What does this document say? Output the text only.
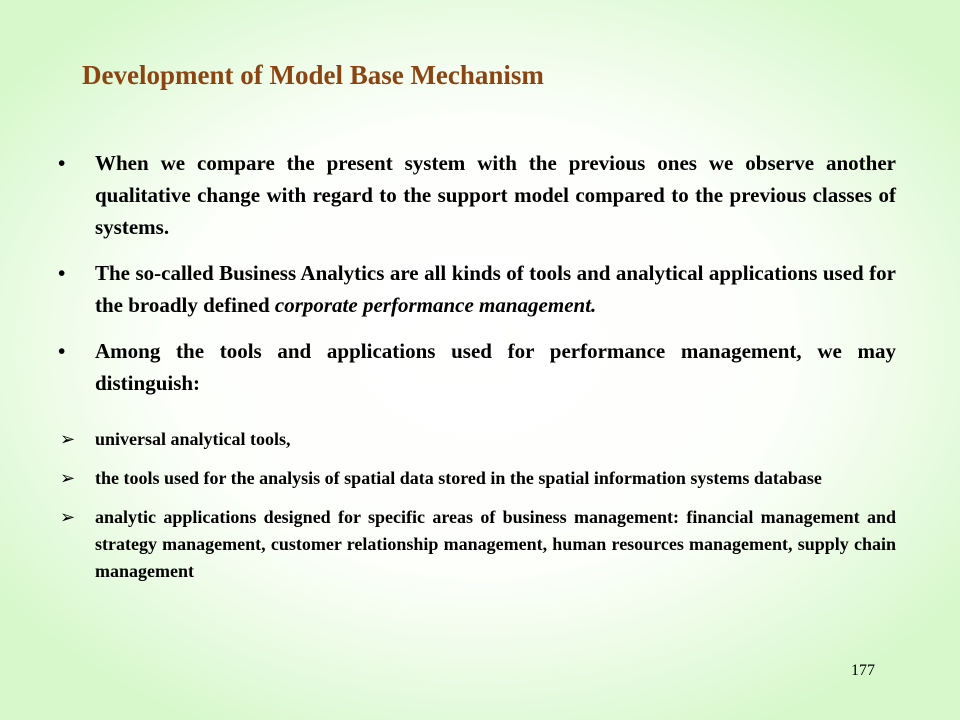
Development of Model Base Mechanism
• When we compare the present system with the previous ones we observe another qualitative change with regard to the support model compared to the previous classes of systems.
• The so-called Business Analytics are all kinds of tools and analytical applications used for the broadly defined corporate performance management.
• Among the tools and applications used for performance management, we may distinguish:
➢ universal analytical tools,
➢ the tools used for the analysis of spatial data stored in the spatial information systems database
➢ analytic applications designed for specific areas of business management: financial management and strategy management, customer relationship management, human resources management, supply chain management
177
